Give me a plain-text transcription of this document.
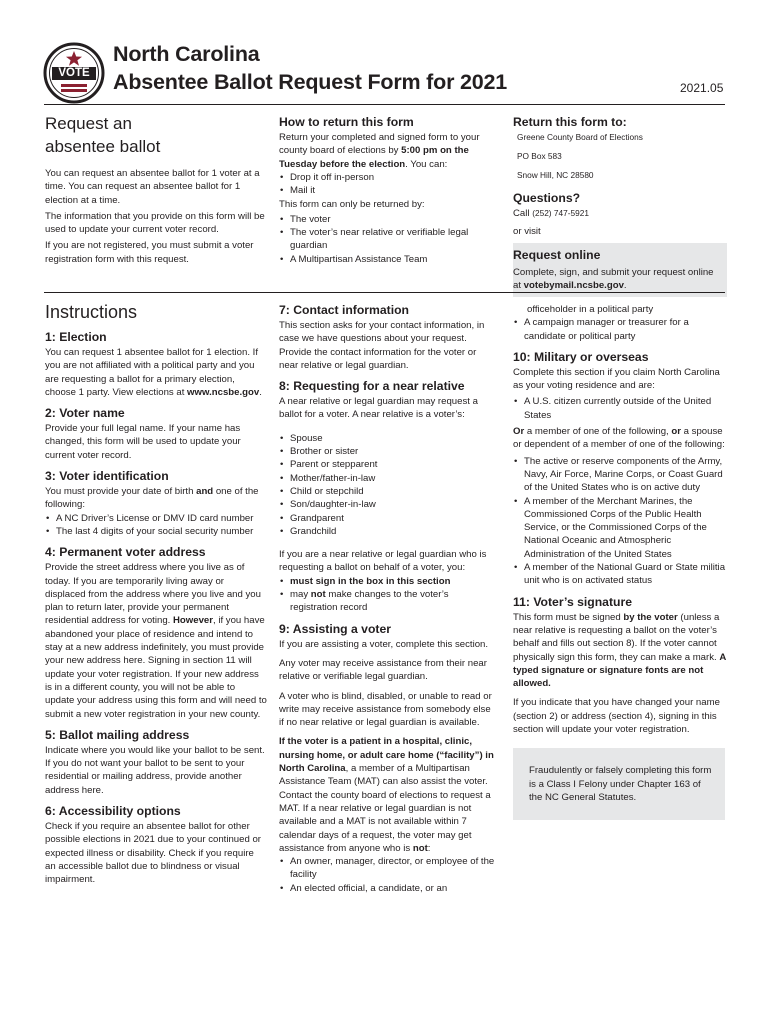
VOTE
North Carolina
Absentee Ballot Request Form for 2021	2021.05
Request an
absentee ballot

You can request an absentee ballot for 1 voter at a time. You can request an absentee ballot for 1 election at a time.

The information that you provide on this form will be used to update your current voter record.

If you are not registered, you must submit a voter registration form with this request.

How to return this form

Return your completed and signed form to your county board of elections by 5:00 pm on the Tuesday before the election. You can:

• Drop it off in-person
• Mail it

This form can only be returned by:

• The voter
• The voter’s near relative or verifiable legal guardian
• A Multipartisan Assistance Team
Return this form to:
Greene County Board of Elections
PO Box 583
Snow Hill, NC 28580
Questions?
Call (252) 747-5921
or visit
Request online

Complete, sign, and submit your request online at votebymail.ncsbe.gov.

Instructions
1: Election

You can request 1 absentee ballot for 1 election. If you are not affiliated with a political party and you are requesting a ballot for a primary election, choose 1 party. View elections at www.ncsbe.gov.

2: Voter name

Provide your full legal name. If your name has changed, this form will be used to update your current voter record.

3: Voter identification

You must provide your date of birth and one of the following:

• A NC Driver’s License or DMV ID card number
• The last 4 digits of your social security number
4: Permanent voter address

Provide the street address where you live as of today. If you are temporarily living away or displaced from the address where you live and you plan to return later, provide your permanent residential address for voting. However, if you have abandoned your place of residence and intend to stay at a new address indefinitely, you must provide your new address here. Signing in section 11 will update your voter registration. If your new address is in a different county, you will not be able to update your address using this form and will need to submit a new voter registration in your new county.

5: Ballot mailing address

Indicate where you would like your ballot to be sent. If you do not want your ballot to be sent to your residential or mailing address, provide another address here.

6: Accessibility options

Check if you require an absentee ballot for other possible elections in 2021 due to your continued or expected illness or disability. Check if you require an accessible ballot due to blindness or visual impairment.

7: Contact information

This section asks for your contact information, in case we have questions about your request. Provide the contact information for the voter or near relative or legal guardian.

8: Requesting for a near relative

A near relative or legal guardian may request a ballot for a voter. A near relative is a voter’s:

• Spouse
• Brother or sister
• Parent or stepparent
• Mother/father-in-law
• Child or stepchild
• Son/daughter-in-law
• Grandparent
• Grandchild

If you are a near relative or legal guardian who is requesting a ballot on behalf of a voter, you:

• must sign in the box in this section
• may not make changes to the voter’s registration record
9: Assisting a voter

If you are assisting a voter, complete this section.

Any voter may receive assistance from their near relative or verifiable legal guardian.

A voter who is blind, disabled, or unable to read or write may receive assistance from somebody else if no near relative or legal guardian is available.

If the voter is a patient in a hospital, clinic, nursing home, or adult care home (“facility”) in North Carolina, a member of a Multipartisan Assistance Team (MAT) can also assist the voter. Contact the county board of elections to request a MAT. If a near relative or legal guardian is not available and a MAT is not available within 7 calendar days of a request, the voter may get assistance from anyone who is not:

• An owner, manager, director, or employee of the facility
• An elected official, a candidate, or an

officeholder in a political party

• A campaign manager or treasurer for a candidate or political party
10: Military or overseas

Complete this section if you claim North Carolina as your voting residence and are:

• A U.S. citizen currently outside of the United States

Or a member of one of the following, or a spouse or dependent of a member of one of the following:

• The active or reserve components of the Army, Navy, Air Force, Marine Corps, or Coast Guard of the United States who is on active duty
• A member of the Merchant Marines, the Commissioned Corps of the Public Health Service, or the Commissioned Corps of the National Oceanic and Atmospheric Administration of the United States
• A member of the National Guard or State militia unit who is on activated status
11: Voter’s signature

This form must be signed by the voter (unless a near relative is requesting a ballot on the voter’s behalf and fills out section 8). If the voter cannot physically sign this form, they can make a mark. A typed signature or signature fonts are not allowed.

If you indicate that you have changed your name (section 2) or address (section 4), signing in this section will update your voter registration.

Fraudulently or falsely completing this form is a Class I Felony under Chapter 163 of the NC General Statutes.
